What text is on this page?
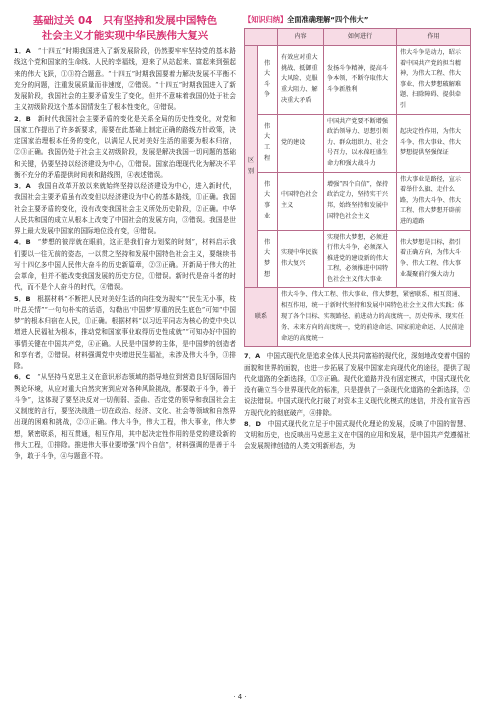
基础过关 04　只有坚持和发展中国特色
社会主义才能实现中华民族伟大复兴

1．A　 “十四五”时期我国进入了新发展阶段，仍然要牢牢坚持党的基本路线这个党和国家的生命线、人民的幸福线，迎来了从站起来、富起来到强起来的伟大飞跃，①③符合题意。“十四五”时期我国要着力解决发展不平衡不充分的问题，注重发展质量而非速度，②错误。“十四五”时期我国进入了新发展阶段，我国社会的主要矛盾发生了变化，但并不意味着我国仍处于社会主义初级阶段这个基本国情发生了根本性变化，④错误。

2．B　 新时代我国社会主要矛盾的变化是关系全局的历史性变化，对党和国家工作提出了许多新要求，需要在此基础上制定正确的路线方针政策，决定国家治理根本任务的变化，以满足人民对美好生活的需要为根本归宿，②③正确。我国仍处于社会主义初级阶段，发展是解决我国一切问题的基础和关键，仍要坚持以经济建设为中心，①错误。国家治理现代化为解决不平衡不充分的矛盾提供时间表和路线图，④表述错误。

3．A　 我国自改革开放以来就始终坚持以经济建设为中心，进入新时代，我国社会主要矛盾虽有改变但以经济建设为中心的基本路线，①正确。我国社会主要矛盾的变化，没有改变我国社会主义所处历史阶段，②正确。中华人民共和国的成立从根本上改变了中国社会的发展方向，③错误。我国是世界上最大发展中国家的国际地位没有变，④错误。

4．B　 “梦想的彼岸就在眼前，这正是我们奋力划桨的时刻”，材料启示我们要以一往无前的姿态，一以贯之坚持和发展中国特色社会主义，要继续书写十四亿多中国人民伟大奋斗的历史新篇章，②③正确。开新局于伟大的社会革命，但并不能改变我国发展的历史方位，①错误。新时代是奋斗者的时代，而不是个人奋斗的时代，④错误。

5．B　 根据材料“不断把人民对美好生活的向往变为现实”“民生无小事，枝叶总关情”“一句句朴实的话语，勾勒出‘中国梦’厚重的民生底色”可知“中国梦”的根本归宿在人民，①正确。根据材料“以习近平同志为核心的党中央以增进人民福祉为根本，推动党和国家事业取得历史性成就”“可知办好中国的事情关键在中国共产党，④正确。人民是中国梦的主体，是中国梦的创造者和享有者，②错误。材料强调党中央增进民生福祉，未涉及伟大斗争，③排除。

6．C　 “从坚持马克思主义在意识形态领域的指导地位到营造良好国际国内舆论环境，从应对重大自然灾害到应对各种风险挑战，都要敢于斗争，善于斗争”，这体现了要坚决反对一切削弱、歪曲、否定党的领导和我国社会主义制度的言行，要坚决战胜一切在政治、经济、文化、社会等领域和自然界出现的困难和挑战，②③正确。伟大斗争，伟大工程，伟大事业，伟大梦想，紧密联系，相互贯通，相互作用，其中起决定性作用的是党的建设新的伟大工程，①排除。推进伟大事业要增强“四个自信”，材料强调的是善于斗争，敢于斗争，④与题意不符。

【知识归纳】全面准确理解“四个伟大”
		内容	如何进行	作用
区别	伟大斗争	有效应对重大挑战、抵御重大风险、克服重大阻力、解决重大矛盾	发扬斗争精神，提高斗争本领，不断夺取伟大斗争新胜利	伟大斗争是动力，昭示着中国共产党的担当精神，为伟大工程、伟大事业、伟大梦想破解难题、扫除障碍、提供牵引
	伟大工程	党的建设	中国共产党要不断增强政治领导力、思想引领力、群众组织力、社会号召力，以永葆旺盛生命力和强大战斗力	起决定性作用，为伟大斗争、伟大事业、伟大梦想提供坚强保证
	伟大事业	中国特色社会主义	增强“四个自信”，保持政治定力，坚持实干兴邦，始终坚持和发展中国特色社会主义	伟大事业是路径，宣示着举什么旗、走什么路，为伟大斗争、伟大工程、伟大梦想开辟前进的道路
	伟大梦想	实现中华民族伟大复兴	实现伟大梦想，必须进行伟大斗争，必须深入推进党的建设新的伟大工程，必须推进中国特色社会主义伟大事业	伟大梦想是目标，指引着正确方向，为伟大斗争、伟大工程、伟大事业凝聚前行强大动力
联系		伟大斗争、伟大工程、伟大事业、伟大梦想，紧密联系、相互贯通、相互作用，统一于新时代坚持和发展中国特色社会主义伟大实践；体现了各个目标、实现路径、前进动力的高度统一，历史传承、现实任务、未来方向的高度统一，党的前途命运、国家前途命运、人民前途命运的高度统一		

7．A　 中国式现代化是追求全体人民共同富裕的现代化，深刻地改变着中国的面貌和世界的面貌，也进一步拓展了发展中国家走向现代化的途径，提供了现代化道路的全新选择，①③正确。现代化道路并没有固定模式，中国式现代化没有确立当今世界现代化的标准，只是提供了一条现代化道路的全新选择，②说法错误。中国式现代化打破了对资本主义现代化模式的迷信，并没有宣告西方现代化的彻底破产，④排除。

8．D　 中国式现代化立足于中国式现代化理论的发展，反映了中国的智慧、文明和历史，也反映出马克思主义在中国的应用和发展，是中国共产党遵循社会发展规律创造的人类文明新形态，为

· 4 ·
